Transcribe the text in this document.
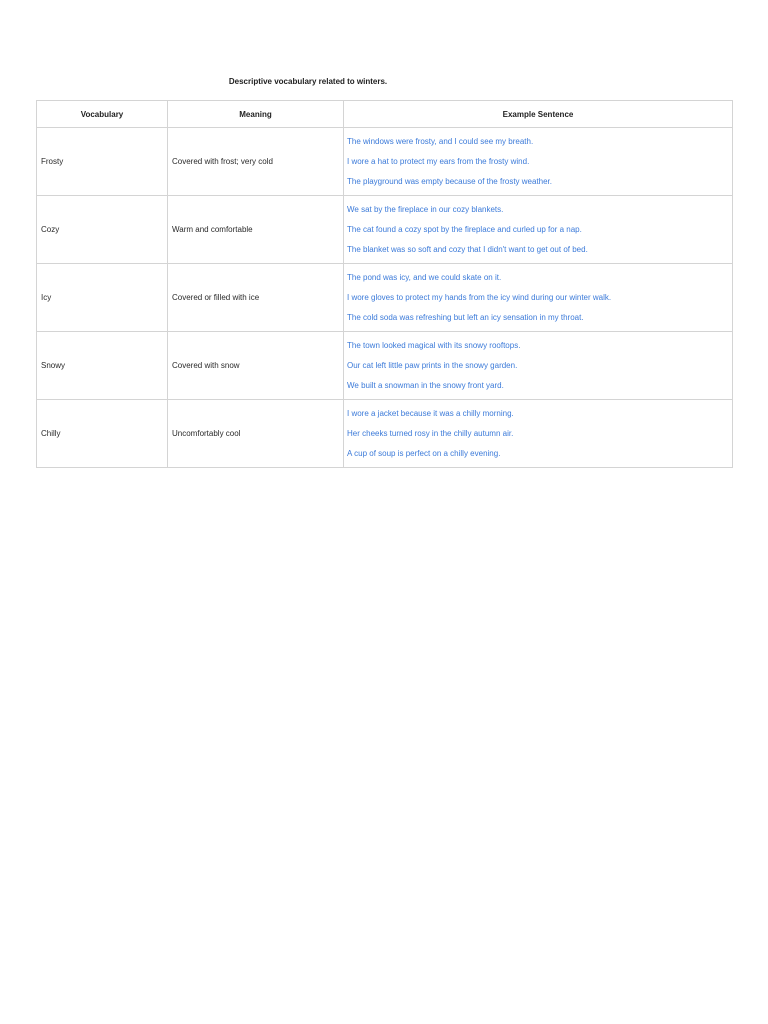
Descriptive vocabulary related to winters.
Vocabulary	Meaning	Example Sentence
Frosty	Covered with frost; very cold	The windows were frosty, and I could see my breath.
I wore a hat to protect my ears from the frosty wind.
The playground was empty because of the frosty weather.

Cozy	Warm and comfortable	We sat by the fireplace in our cozy blankets.
The cat found a cozy spot by the fireplace and curled up for a nap.
The blanket was so soft and cozy that I didn't want to get out of bed.

Icy	Covered or filled with ice	The pond was icy, and we could skate on it.
I wore gloves to protect my hands from the icy wind during our winter walk.
The cold soda was refreshing but left an icy sensation in my throat.

Snowy	Covered with snow	The town looked magical with its snowy rooftops.
Our cat left little paw prints in the snowy garden.
We built a snowman in the snowy front yard.

Chilly	Uncomfortably cool	I wore a jacket because it was a chilly morning.
Her cheeks turned rosy in the chilly autumn air.
A cup of soup is perfect on a chilly evening.
